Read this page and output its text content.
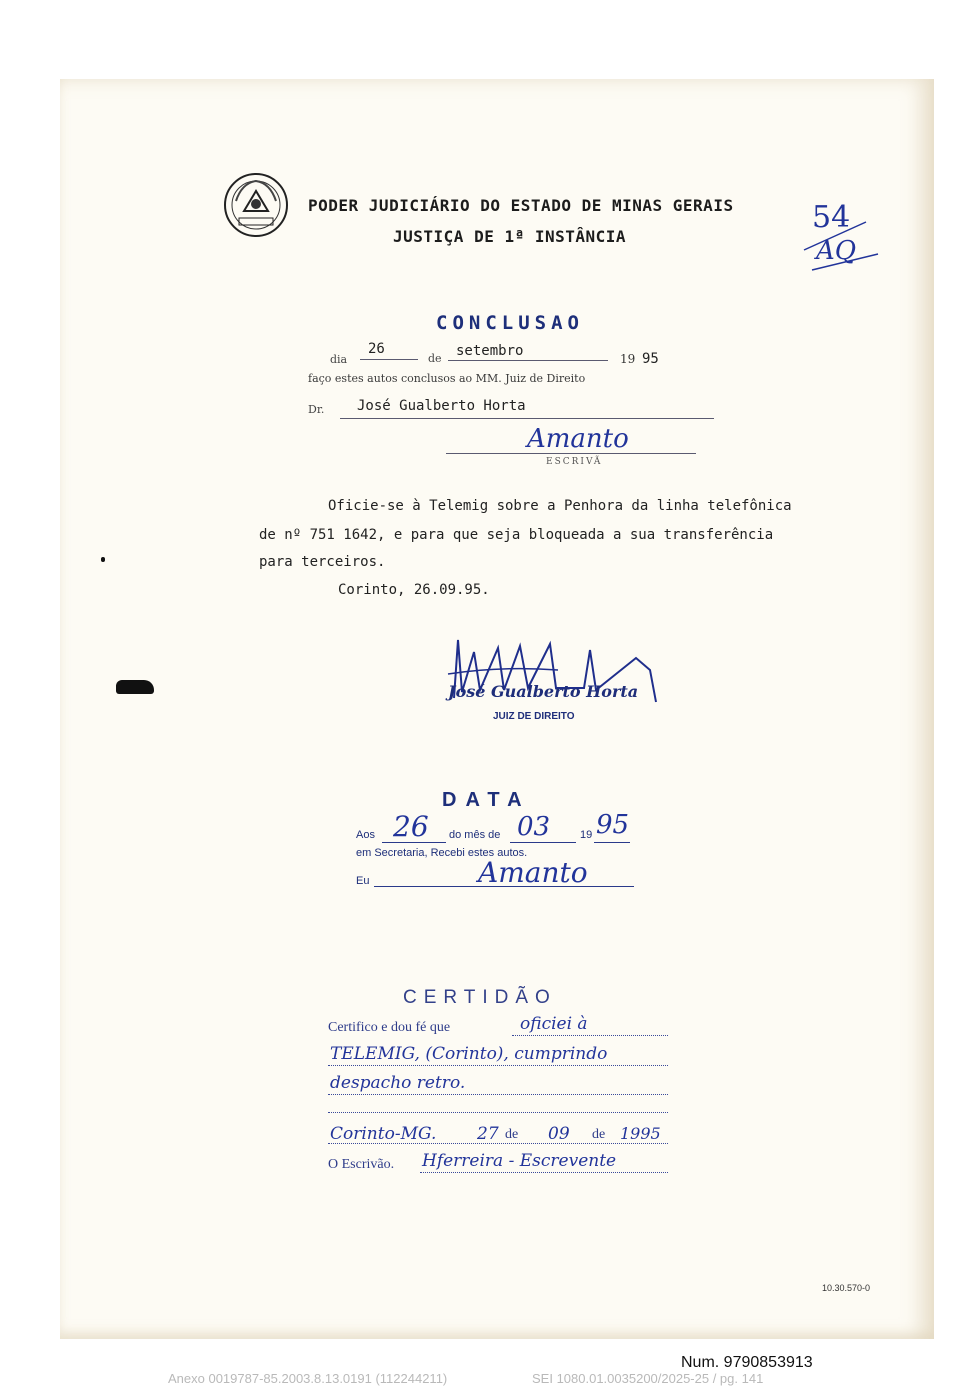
PODER JUDICIÁRIO DO ESTADO DE MINAS GERAIS
JUSTIÇA DE 1ª INSTÂNCIA
54
AQ
CONCLUSAO
dia
26
de setembro	19 95
faço estes autos conclusos ao MM. Juiz de Direito
Dr. José Gualberto Horta
Amanto
ESCRIVÃ
Oficie-se à Telemig sobre a Penhora da linha telefônica
de nº 751 1642, e para que seja bloqueada a sua transferência
para terceiros.
Corinto, 26.09.95.
José Gualberto Horta
JUIZ DE DIREITO
DATA
Aos 26 do mês de 03	19 95
em Secretaria, Recebi estes autos.
Eu	Amanto
CERTIDÃO
Certifico e dou fé que	oficiei à
TELEMIG, (Corinto), cumprindo
despacho retro.
Corinto-MG. 27 de 09 de 1995
O Escrivão. Hferreira - Escrevente
10.30.570-0
Num. 9790853913
Anexo 0019787-85.2003.8.13.0191 (112244211)	SEI 1080.01.0035200/2025-25 / pg. 141
